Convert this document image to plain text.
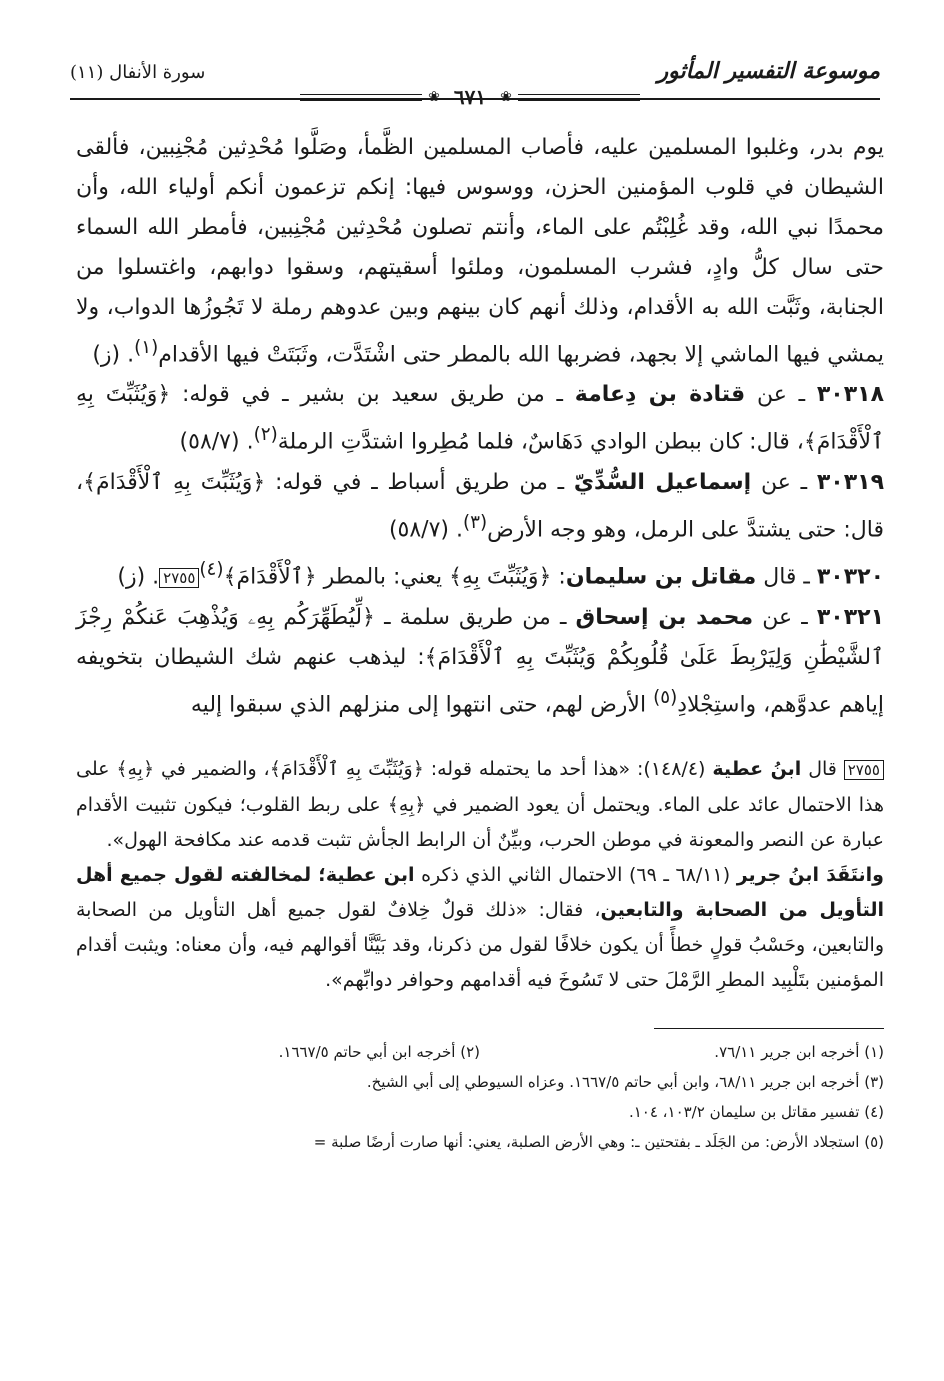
موسوعة التفسير المأثور
سورة الأنفال (١١)
❀ ٦٧١	❀

يوم بدر، وغلبوا المسلمين عليه، فأصاب المسلمين الظَّمأ، وصَلَّوا مُحْدِثين مُجْنِبين، فألقى الشيطان في قلوب المؤمنين الحزن، ووسوس فيها: إنكم تزعمون أنكم أولياء الله، وأن محمدًا نبي الله، وقد غُلِبْتُم على الماء، وأنتم تصلون مُحْدِثين مُجْنِبين، فأمطر الله السماء حتى سال كلُّ وادٍ، فشرب المسلمون، وملئوا أسقيتهم، وسقوا دوابهم، واغتسلوا من الجنابة، وثَبَّت الله به الأقدام، وذلك أنهم كان بينهم وبين عدوهم رملة لا تَجُوزُها الدواب، ولا يمشي فيها الماشي إلا بجهد، فضربها الله بالمطر حتى اشْتَدَّت، وثَبَتَتْ فيها الأقدام$^{(١)}$. (ز)

٣٠٣١٨ ـ عن قتادة بن دِعامة ـ من طريق سعيد بن بشير ـ في قوله: ﴿وَيُثَبِّتَ بِهِ ٱلْأَقْدَامَ﴾، قال: كان ببطن الوادي دَهَاسٌ، فلما مُطِروا اشتدَّتِ الرملة$^{(٢)}$. (٥٨/٧)

٣٠٣١٩ ـ عن إسماعيل السُّدِّيّ ـ من طريق أسباط ـ في قوله: ﴿وَيُثَبِّتَ بِهِ ٱلْأَقْدَامَ﴾، قال: حتى يشتدَّ على الرمل، وهو وجه الأرض$^{(٣)}$. (٥٨/٧)

٣٠٣٢٠ ـ قال مقاتل بن سليمان: ﴿وَيُثَبِّتَ بِهِ﴾ يعني: بالمطر ﴿ٱلْأَقْدَامَ﴾$^{(٤)}$٢٧٥٥. (ز)

٣٠٣٢١ ـ عن محمد بن إسحاق ـ من طريق سلمة ـ ﴿لِّيُطَهِّرَكُم بِهِۦ وَيُذْهِبَ عَنكُمْ رِجْزَ ٱلشَّيْطَٰنِ وَلِيَرْبِطَ عَلَىٰ قُلُوبِكُمْ وَيُثَبِّتَ بِهِ ٱلْأَقْدَامَ﴾: ليذهب عنهم شك الشيطان بتخويفه إياهم عدوَّهم، واستِجْلادِ$^{(٥)}$ الأرض لهم، حتى انتهوا إلى منزلهم الذي سبقوا إليه

٢٧٥٥ قال ابنُ عطية (١٤٨/٤): «هذا أحد ما يحتمله قوله: ﴿وَيُثَبِّتَ بِهِ ٱلْأَقْدَامَ﴾، والضمير في ﴿بِهِ﴾ على هذا الاحتمال عائد على الماء. ويحتمل أن يعود الضمير في ﴿بِهِ﴾ على ربط القلوب؛ فيكون تثبيت الأقدام عبارة عن النصر والمعونة في موطن الحرب، وبيِّنٌ أن الرابط الجأش تثبت قدمه عند مكافحة الهول».

وانتَقَدَ ابنُ جرير (٦٨/١١ ـ ٦٩) الاحتمال الثاني الذي ذكره ابن عطية؛ لمخالفته لقول جميع أهل التأويل من الصحابة والتابعين، فقال: «ذلك قولٌ خِلافٌ لقول جميع أهل التأويل من الصحابة والتابعين، وحَسْبُ قولٍ خطأً أن يكون خلافًا لقول من ذكرنا، وقد بَيَّنَّا أقوالهم فيه، وأن معناه: ويثبت أقدام المؤمنين بتَلْبِيد المطرِ الرَّمْلَ حتى لا تَسُوخَ فيه أقدامهم وحوافر دوابِّهم».

(١) أخرجه ابن جرير ٧٦/١١.
(٢) أخرجه ابن أبي حاتم ١٦٦٧/٥.
(٣) أخرجه ابن جرير ٦٨/١١، وابن أبي حاتم ١٦٦٧/٥. وعزاه السيوطي إلى أبي الشيخ.
(٤) تفسير مقاتل بن سليمان ١٠٣/٢، ١٠٤.
(٥) استجلاد الأرض: من الجَلَد ـ بفتحتين ـ: وهي الأرض الصلبة، يعني: أنها صارت أرضًا صلبة =
